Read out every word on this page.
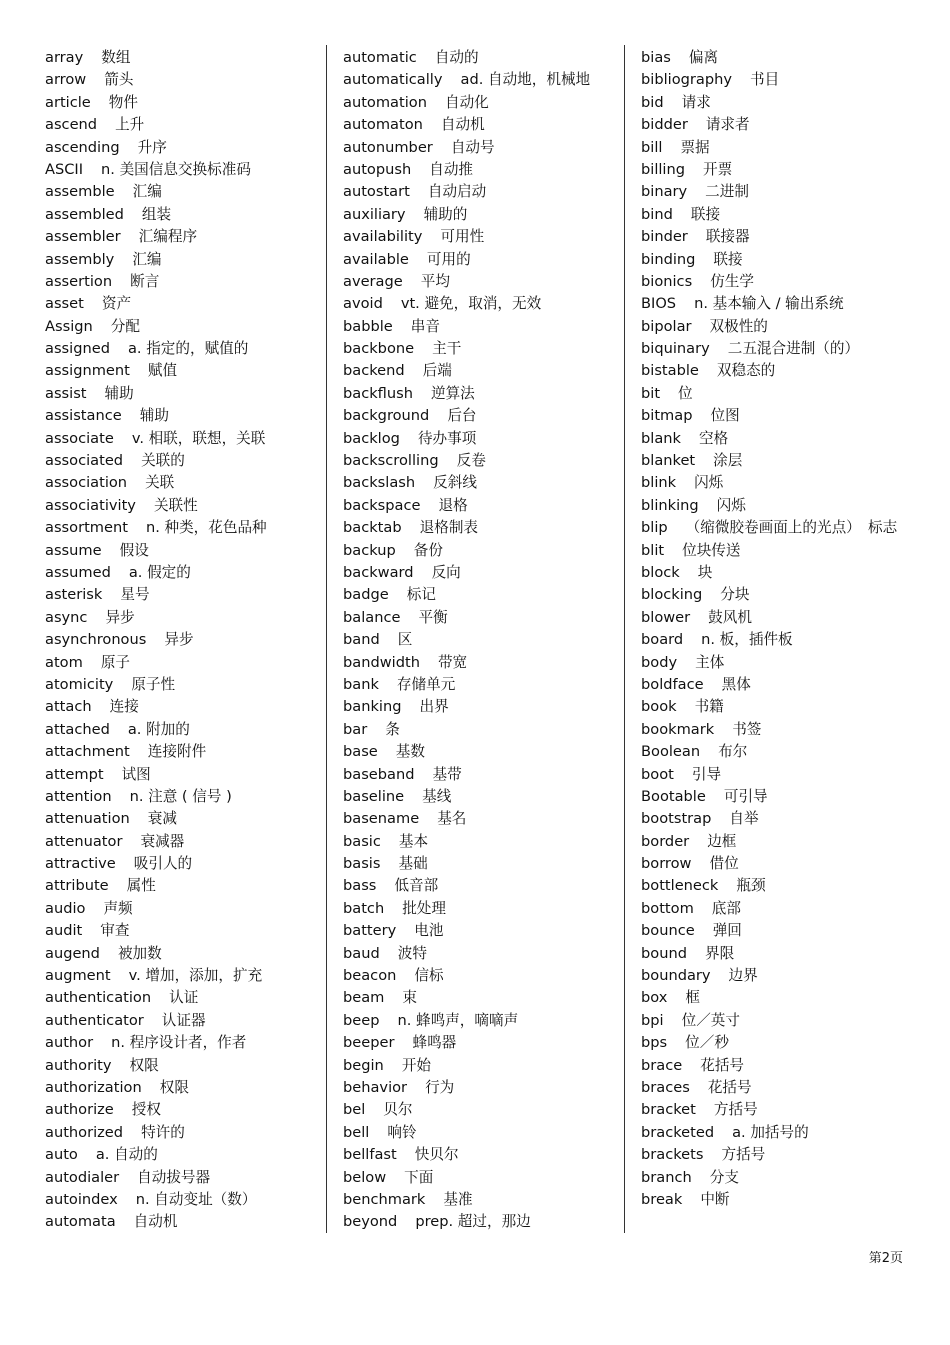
array 数组
arrow 箭头
article 物件
ascend 上升
ascending 升序
ASCII n. 美国信息交换标准码
assemble 汇编
assembled 组装
assembler 汇编程序
assembly 汇编
assertion 断言
asset 资产
Assign 分配
assigned a. 指定的，赋值的
assignment 赋值
assist 辅助
assistance 辅助
associate v. 相联，联想，关联
associated 关联的
association 关联
associativity 关联性
assortment n. 种类，花色品种
assume 假设
assumed a. 假定的
asterisk 星号
async 异步
asynchronous 异步
atom 原子
atomicity 原子性
attach 连接
attached a. 附加的
attachment 连接附件
attempt 试图
attention n. 注意 ( 信号 )
attenuation 衰减
attenuator 衰减器
attractive 吸引人的
attribute 属性
audio 声频
audit 审查
augend 被加数
augment v. 增加，添加，扩充
authentication 认证
authenticator 认证器
author n. 程序设计者，作者
authority 权限
authorization 权限
authorize 授权
authorized 特许的
auto a. 自动的
autodialer 自动拔号器
autoindex n. 自动变址（数）
automata 自动机
automatic 自动的
automatically ad. 自动地，机械地
automation 自动化
automaton 自动机
autonumber 自动号
autopush 自动推
autostart 自动启动
auxiliary 辅助的
availability 可用性
available 可用的
average 平均
avoid vt. 避免，取消，无效
babble 串音
backbone 主干
backend 后端
backflush 逆算法
background 后台
backlog 待办事项
backscrolling 反卷
backslash 反斜线
backspace 退格
backtab 退格制表
backup 备份
backward 反向
badge 标记
balance 平衡
band 区
bandwidth 带宽
bank 存储单元
banking 出界
bar 条
base 基数
baseband 基带
baseline 基线
basename 基名
basic 基本
basis 基础
bass 低音部
batch 批处理
battery 电池
baud 波特
beacon 信标
beam 束
beep n. 蜂鸣声，嘀嘀声
beeper 蜂鸣器
begin 开始
behavior 行为
bel 贝尔
bell 响铃
bellfast 快贝尔
below 下面
benchmark 基准
beyond prep. 超过，那边
bias 偏离
bibliography 书目
bid 请求
bidder 请求者
bill 票据
billing 开票
binary 二进制
bind 联接
binder 联接器
binding 联接
bionics 仿生学
BIOS n. 基本输入 / 输出系统
bipolar 双极性的
biquinary 二五混合进制（的）
bistable 双稳态的
bit 位
bitmap 位图
blank 空格
blanket 涂层
blink 闪烁
blinking 闪烁
blip （缩微胶卷画面上的光点）　标志
blit 位块传送
block 块
blocking 分块
blower 鼓风机
board n. 板，插件板
body 主体
boldface 黑体
book 书籍
bookmark 书签
Boolean 布尔
boot 引导
Bootable 可引导
bootstrap 自举
border 边框
borrow 借位
bottleneck 瓶颈
bottom 底部
bounce 弹回
bound 界限
boundary 边界
box 框
bpi 位／英寸
bps 位／秒
brace 花括号
braces 花括号
bracket 方括号
bracketed a. 加括号的
brackets 方括号
branch 分支
break 中断
第2页
